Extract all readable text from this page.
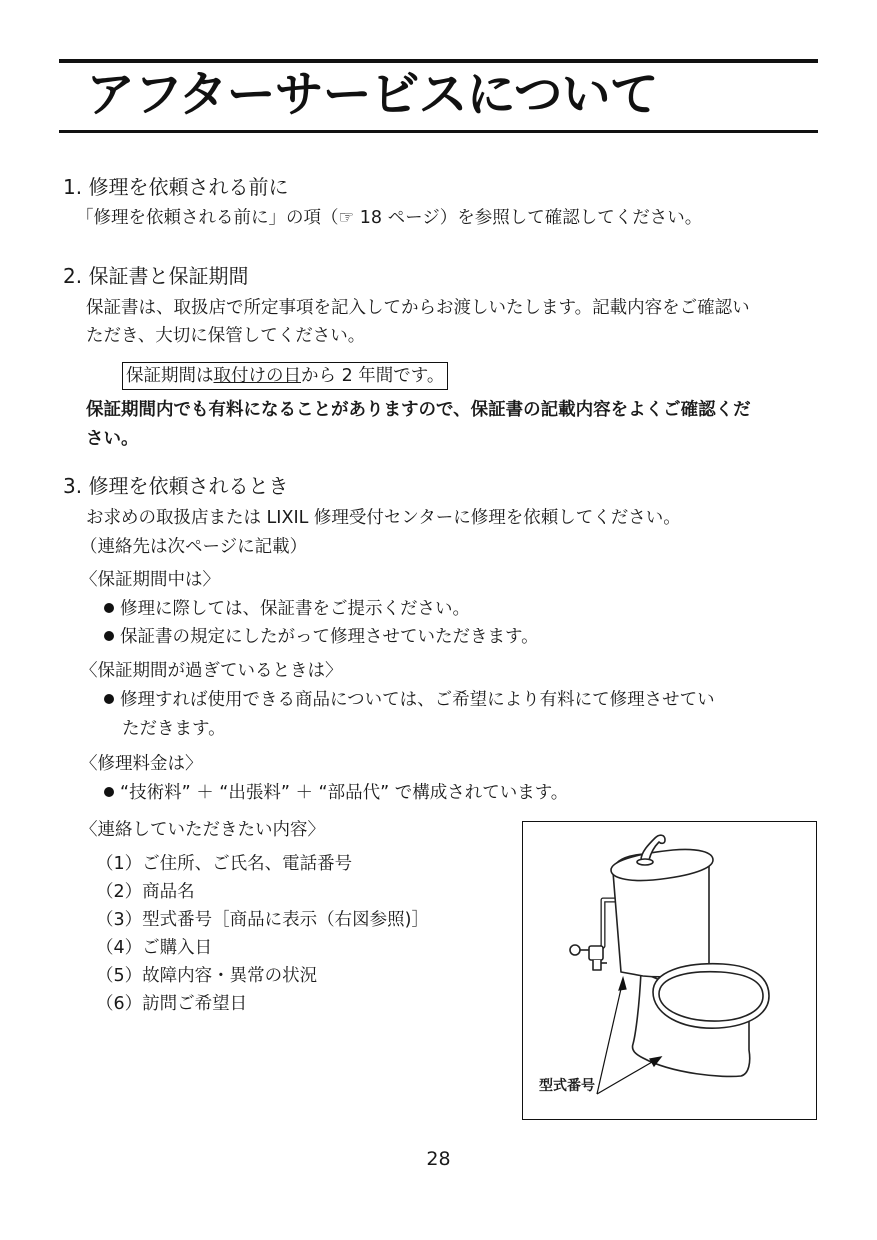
アフターサービスについて
1. 修理を依頼される前に
「修理を依頼される前に」の項（☞ 18 ページ）を参照して確認してください。
2. 保証書と保証期間
保証書は、取扱店で所定事項を記入してからお渡しいたします。記載内容をご確認い
ただき、大切に保管してください。
保証期間は取付けの日から 2 年間です。
保証期間内でも有料になることがありますので、保証書の記載内容をよくご確認くだ
さい。
3. 修理を依頼されるとき
お求めの取扱店または LIXIL 修理受付センターに修理を依頼してください。
（連絡先は次ページに記載）
〈保証期間中は〉
修理に際しては、保証書をご提示ください。
保証書の規定にしたがって修理させていただきます。
〈保証期間が過ぎているときは〉
修理すれば使用できる商品については、ご希望により有料にて修理させてい
ただきます。
〈修理料金は〉
“技術料” ＋ “出張料” ＋ “部品代” で構成されています。
〈連絡していただきたい内容〉
（1）ご住所、ご氏名、電話番号
（2）商品名
（3）型式番号［商品に表示（右図参照)］
（4）ご購入日
（5）故障内容・異常の状況
（6）訪問ご希望日
型式番号
28
